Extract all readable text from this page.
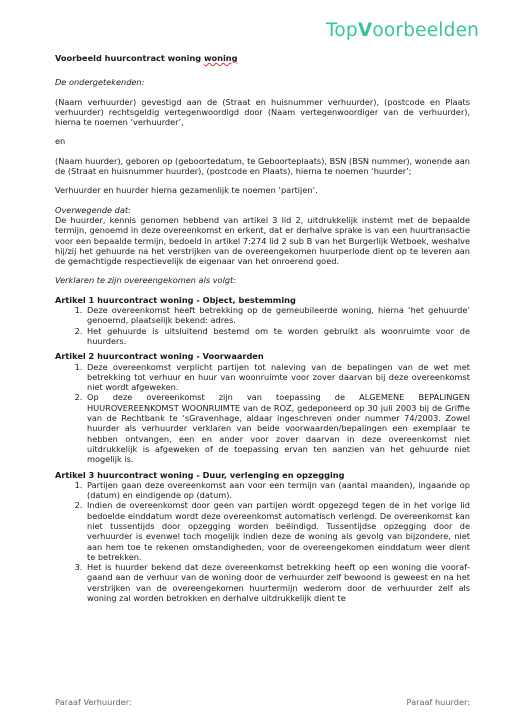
TopVoorbeelden
Voorbeeld huurcontract woning woning

De ondergetekenden:

(Naam verhuurder) gevestigd aan de (Straat en huisnummer verhuurder), (postcode en Plaats verhuurder) rechtsgeldig vertegenwoordigd door (Naam vertegenwoordiger van de verhuurder), hierna te noemen ‘verhuurder’,

en

(Naam huurder), geboren op (geboortedatum, te Geboorteplaats), BSN (BSN nummer), wonende aan de (Straat en huisnummer huurder), (postcode en Plaats), hierna te noemen ‘huurder’;

Verhuurder en huurder hierna gezamenlijk te noemen ‘partijen’.

Overwegende dat:

De huurder, kennis genomen hebbend van artikel 3 lid 2, uitdrukkelijk instemt met de bepaalde termijn, genoemd in deze overeenkomst en erkent, dat er derhalve sprake is van een huurtransactie voor een bepaalde termijn, bedoeld in artikel 7:274 lid 2 sub B van het Burgerlijk Wetboek, weshalve hij/zij het gehuurde na het verstrijken van de overeengekomen huurperiode dient op te leveren aan de gemachtigde respectievelijk de eigenaar van het onroerend goed.

Verklaren te zijn overeengekomen als volgt:

Artikel 1 huurcontract woning - Object, bestemming

1. Deze overeenkomst heeft betrekking op de gemeubileerde woning, hierna ‘het gehuurde’ genoemd, plaatselijk bekend: adres.
2. Het gehuurde is uitsluitend bestemd om te worden gebruikt als woonruimte voor de huurders.

Artikel 2 huurcontract woning - Voorwaarden

1. Deze overeenkomst verplicht partijen tot naleving van de bepalingen van de wet met betrekking tot verhuur en huur van woonruimte voor zover daarvan bij deze overeenkomst niet wordt afgeweken.
2. Op deze overeenkomst zijn van toepassing de ALGEMENE BEPALINGEN HUUROVEREENKOMST WOONRUIMTE van de ROZ, gedeponeerd op 30 juli 2003 bij de Griffie van de Rechtbank te ‘sGravenhage, aldaar ingeschreven onder nummer 74/2003. Zowel huurder als verhuurder verklaren van beide voorwaarden/bepalingen een exemplaar te hebben ontvangen, een en ander voor zover daarvan in deze overeenkomst niet uitdrukkelijk is afgeweken of de toepassing ervan ten aanzien van het gehuurde niet mogelijk is.

Artikel 3 huurcontract woning - Duur, verlenging en opzegging

1. Partijen gaan deze overeenkomst aan voor een termijn van (aantal maanden), ingaande op (datum) en eindigende op (datum).
2. Indien de overeenkomst door geen van partijen wordt opgezegd tegen de in het vorige lid bedoelde einddatum wordt deze overeenkomst automatisch verlengd. De overeenkomst kan niet tussentijds door opzegging worden beëindigd. Tussentijdse opzegging door de verhuurder is evenwel toch mogelijk indien deze de woning als gevolg van bijzondere, niet aan hem toe te rekenen omstandigheden, voor de overeengekomen einddatum weer dient te betrekken.
3. Het is huurder bekend dat deze overeenkomst betrekking heeft op een woning die voorafgaand aan de verhuur van de woning door de verhuurder zelf bewoond is geweest en na het verstrijken van de overeengekomen huurtermijn wederom door de verhuurder zelf als woning zal worden betrokken en derhalve uitdrukkelijk dient te
Paraaf Verhuurder:	Paraaf huurder:
